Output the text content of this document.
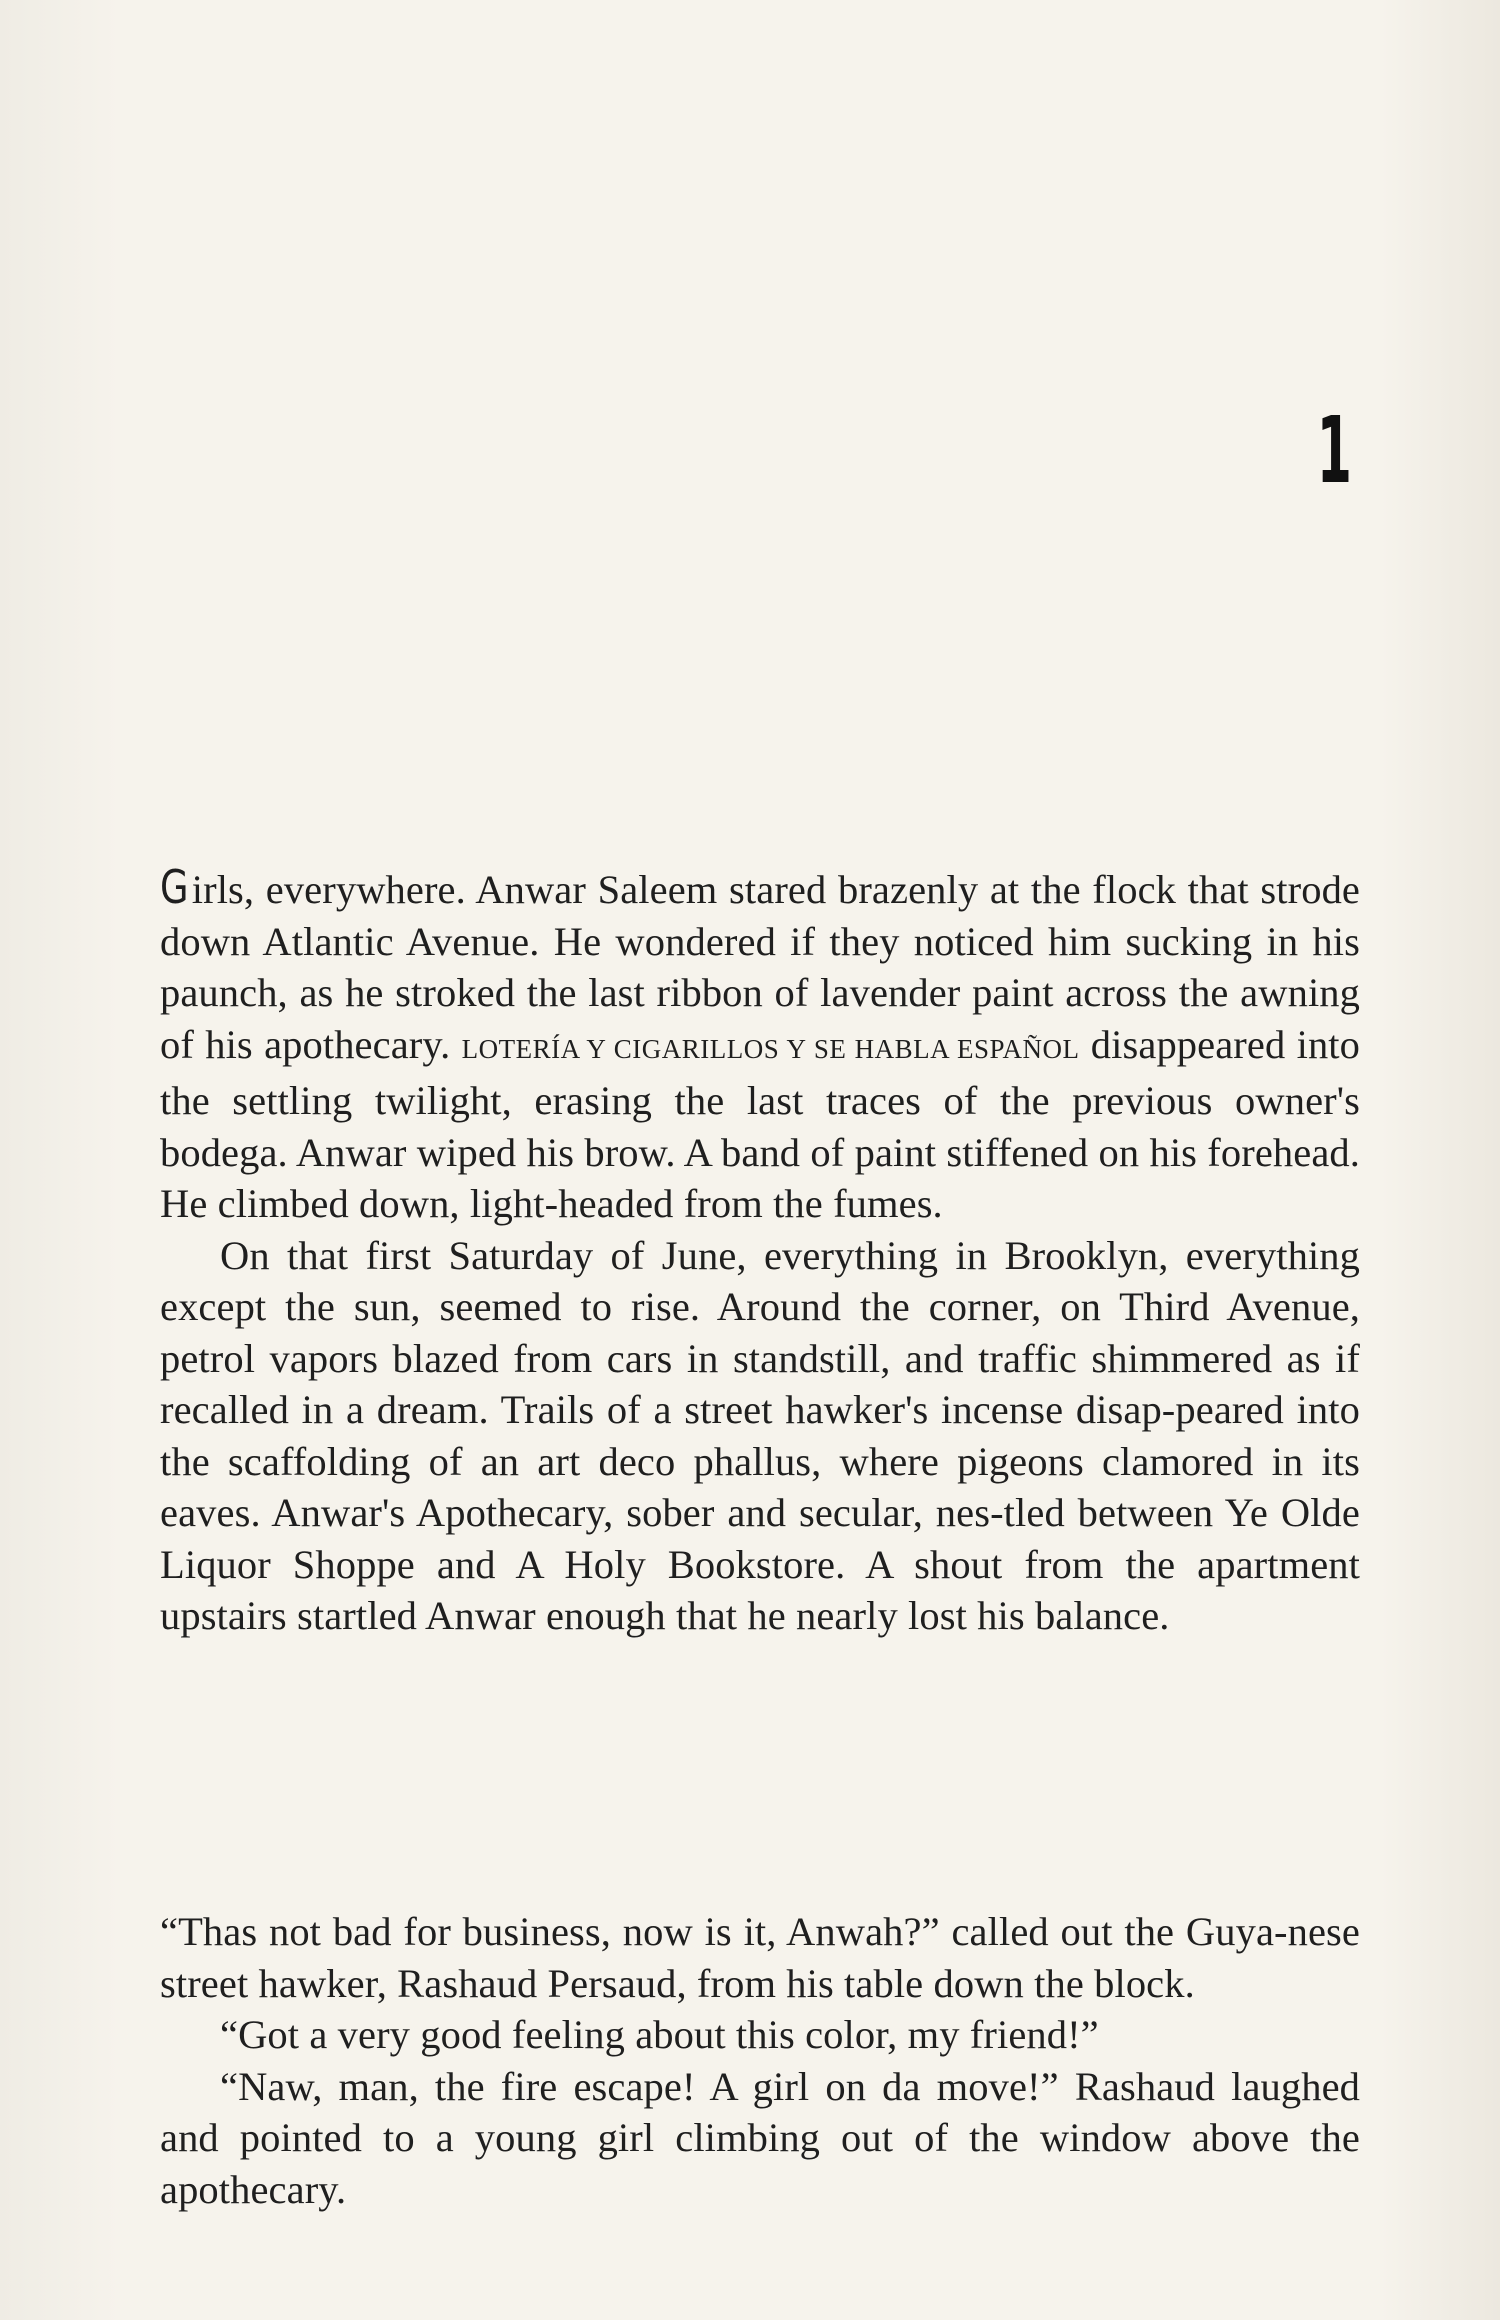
1

Girls, everywhere. Anwar Saleem stared brazenly at the flock that strode down Atlantic Avenue. He wondered if they noticed him sucking in his paunch, as he stroked the last ribbon of lavender paint across the awning of his apothecary. LOTERÍA Y CIGARILLOS Y SE HABLA ESPAÑOL disappeared into the settling twilight, erasing the last traces of the previous owner's bodega. Anwar wiped his brow. A band of paint stiffened on his forehead. He climbed down, light-headed from the fumes.

On that first Saturday of June, everything in Brooklyn, everything except the sun, seemed to rise. Around the corner, on Third Avenue, petrol vapors blazed from cars in standstill, and traffic shimmered as if recalled in a dream. Trails of a street hawker's incense disap-peared into the scaffolding of an art deco phallus, where pigeons clamored in its eaves. Anwar's Apothecary, sober and secular, nes-tled between Ye Olde Liquor Shoppe and A Holy Bookstore. A shout from the apartment upstairs startled Anwar enough that he nearly lost his balance.

“Thas not bad for business, now is it, Anwah?” called out the Guya-nese street hawker, Rashaud Persaud, from his table down the block.

“Got a very good feeling about this color, my friend!”

“Naw, man, the fire escape! A girl on da move!” Rashaud laughed and pointed to a young girl climbing out of the window above the apothecary.
